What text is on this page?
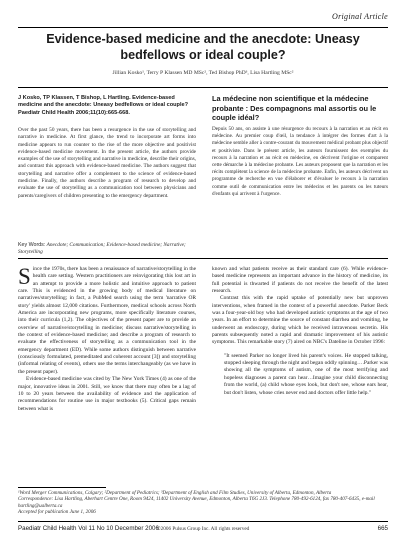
Original Article
Evidence-based medicine and the anecdote: Uneasy bedfellows or ideal couple?
Jillian Kosko¹, Terry P Klassen MD MSc², Ted Bishop PhD³, Lisa Hartling MSc²
J Kosko, TP Klassen, T Bishop, L Hartling. Evidence-based medicine and the anecdote: Uneasy bedfellows or ideal couple? Paediatr Child Health 2006;11(10):665-668.
Over the past 50 years, there has been a resurgence in the use of storytelling and narrative in medicine. At first glance, the trend to incorporate art forms into medicine appears to run counter to the rise of the more objective and positivist evidence-based medicine movement. In the present article, the authors provide examples of the use of storytelling and narrative in medicine, describe their origins, and contrast this approach with evidence-based medicine. The authors suggest that storytelling and narrative offer a complement to the science of evidence-based medicine. Finally, the authors describe a program of research to develop and evaluate the use of storytelling as a communication tool between physicians and parents/caregivers of children presenting to the emergency department.
Key Words: Anecdote; Communication; Evidence-based medicine; Narrative; Storytelling
La médecine non scientifique et la médecine probante : Des compagnons mal assortis ou le couple idéal?
Depuis 50 ans, on assiste à une résurgence du recours à la narration et au récit en médecine. Au premier coup d'œil, la tendance à intégrer des formes d'art à la médecine semble aller à contre-courant du mouvement médical probant plus objectif et positiviste. Dans le présent article, les auteurs fournissent des exemples du recours à la narration et au récit en médecine, en décrivent l'origine et comparent cette démarche à la médecine probante. Les auteurs proposent que la narration et les récits complètent la science de la médecine probante. Enfin, les auteurs décrivent un programme de recherche en vue d'élaborer et d'évaluer le recours à la narration comme outil de communication entre les médecins et les parents ou les tuteurs d'enfants qui arrivent à l'urgence.

Since the 1970s, there has been a renaissance of narrative/storytelling in the health care setting. Western practitioners are reinvigorating this lost art in an attempt to provide a more holistic and intuitive approach to patient care. This is evidenced in the growing body of medical literature on narratives/storytelling; in fact, a PubMed search using the term 'narrative OR story' yields almost 12,000 citations. Furthermore, medical schools across North America are incorporating new programs, more specifically literature courses, into their curricula (1,2). The objectives of the present paper are to provide an overview of narrative/storytelling in medicine; discuss narrative/storytelling in the context of evidence-based medicine; and describe a program of research to evaluate the effectiveness of storytelling as a communication tool in the emergency department (ED). While some authors distinguish between narrative (consciously formulated, premeditated and coherent account [3]) and storytelling (informal relating of events), others use the terms interchangeably (as we have in the present paper).

Evidence-based medicine was cited by The New York Times (4) as one of the major, innovative ideas in 2001. Still, we know that there may often be a lag of 10 to 20 years between the availability of evidence and the application of recommendations for routine use in major textbooks (5). Critical gaps remain between what is

known and what patients receive as their standard care (6). While evidence-based medicine represents an important advance in the history of medicine, its full potential is thwarted if patients do not receive the benefit of the latest research.

Contrast this with the rapid uptake of potentially new but unproven interventions, when framed in the context of a powerful anecdote. Parker Beck was a four-year-old boy who had developed autistic symptoms at the age of two years. In an effort to determine the source of constant diarrhea and vomiting, he underwent an endoscopy, during which he received intravenous secretin. His parents subsequently noted a rapid and dramatic improvement of his autistic symptoms. This remarkable story (7) aired on NBC's Dateline in October 1996:

"It seemed Parker no longer lived his parent's voices. He stopped talking, stopped sleeping through the night and began oddly spinning….Parker was showing all the symptoms of autism, one of the most terrifying and hopeless diagnoses a parent can hear…Imagine your child disconnecting from the world, (a) child whose eyes look, but don't see, whose ears hear, but don't listen, whose cries never end and doctors offer little help."

¹Word Merger Communications, Calgary; ²Department of Pediatrics; ³Department of English and Film Studies, University of Alberta, Edmonton, Alberta
Correspondence: Lisa Hartling, Aberhart Centre One, Room 9424, 11402 University Avenue, Edmonton, Alberta T6G 2J3. Telephone 780-492-6124, fax 780-407-6435, e-mail hartling@ualberta.ca
Accepted for publication June 1, 2006
Paediatr Child Health Vol 11 No 10 December 2006
©2006 Pulsus Group Inc. All rights reserved	665
